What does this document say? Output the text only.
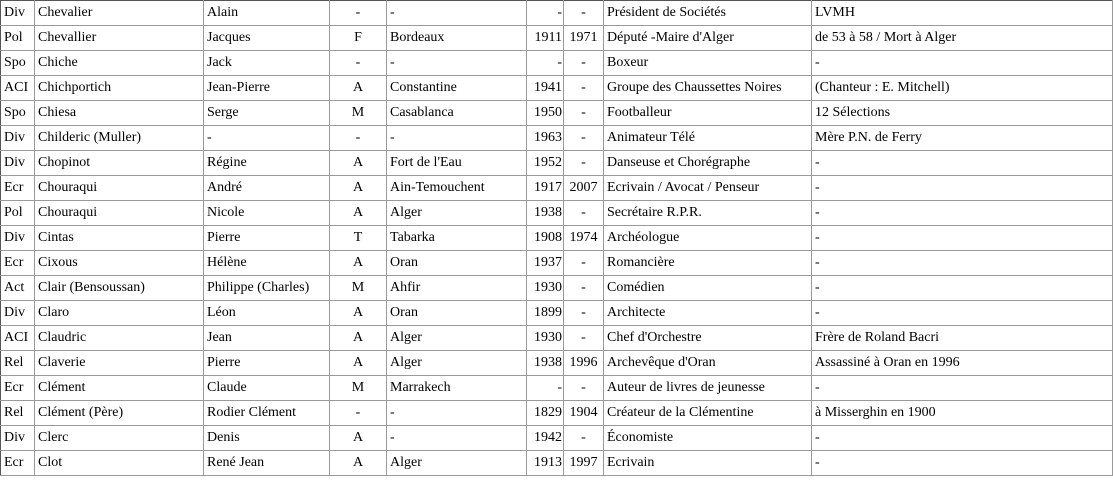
Div	Chevalier	Alain	-	-	-	-	Président de Sociétés	LVMH
Pol	Chevallier	Jacques	F	Bordeaux	1911	1971	Député -Maire d'Alger	de 53 à 58 / Mort à Alger
Spo	Chiche	Jack	-	-	-	-	Boxeur	-
ACI	Chichportich	Jean-Pierre	A	Constantine	1941	-	Groupe des Chaussettes Noires	(Chanteur : E. Mitchell)
Spo	Chiesa	Serge	M	Casablanca	1950	-	Footballeur	12 Sélections
Div	Childeric (Muller)	-	-	-	1963	-	Animateur Télé	Mère P.N. de Ferry
Div	Chopinot	Régine	A	Fort de l'Eau	1952	-	Danseuse et Chorégraphe	-
Ecr	Chouraqui	André	A	Ain-Temouchent	1917	2007	Ecrivain / Avocat / Penseur	-
Pol	Chouraqui	Nicole	A	Alger	1938	-	Secrétaire R.P.R.	-
Div	Cintas	Pierre	T	Tabarka	1908	1974	Archéologue	-
Ecr	Cixous	Hélène	A	Oran	1937	-	Romancière	-
Act	Clair (Bensoussan)	Philippe (Charles)	M	Ahfir	1930	-	Comédien	-
Div	Claro	Léon	A	Oran	1899	-	Architecte	-
ACI	Claudric	Jean	A	Alger	1930	-	Chef d'Orchestre	Frère de Roland Bacri
Rel	Claverie	Pierre	A	Alger	1938	1996	Archevêque d'Oran	Assassiné à Oran en 1996
Ecr	Clément	Claude	M	Marrakech	-	-	Auteur de livres de jeunesse	-
Rel	Clément (Père)	Rodier Clément	-	-	1829	1904	Créateur de la Clémentine	à Misserghin en 1900
Div	Clerc	Denis	A	-	1942	-	Économiste	-
Ecr	Clot	René Jean	A	Alger	1913	1997	Ecrivain	-
